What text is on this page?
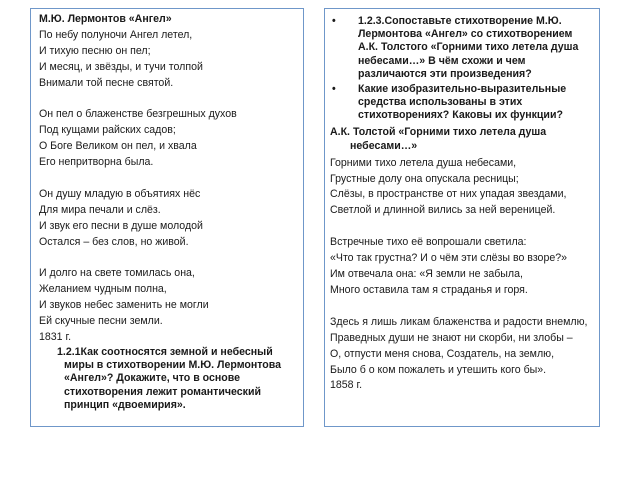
М.Ю. Лермонтов «Ангел»
По небу полуночи Ангел летел,
И тихую песню он пел;
И месяц, и звёзды, и тучи толпой
Внимали той песне святой.
Он пел о блаженстве безгрешных духов
Под кущами райских садов;
О Боге Великом он пел, и хвала
Его непритворна была.
Он душу младую в объятиях нёс
Для мира печали и слёз.
И звук его песни в душе молодой
Остался – без слов, но живой.
И долго на свете томилась она,
Желанием чудным полна,
И звуков небес заменить не могли
Ей скучные песни земли.
1831 г.
1.2.1Как соотносятся земной и небесный миры в стихотворении М.Ю. Лермонтова «Ангел»? Докажите, что в основе стихотворения лежит романтический принцип «двоемирия».
•	1.2.3.Сопоставьте стихотворение М.Ю. Лермонтова «Ангел» со стихотворением А.К. Толстого «Горними тихо летела душа небесами…» В чём схожи и чем различаются эти произведения?
•	Какие изобразительно-выразительные средства использованы в этих стихотворениях? Каковы их функции?
А.К. Толстой «Горними тихо летела душа небесами…»
Горними тихо летела душа небесами,
Грустные долу она опускала ресницы;
Слёзы, в пространстве от них упадая звездами,
Светлой и длинной вились за ней вереницей.
Встречные тихо её вопрошали светила:
«Что так грустна? И о чём эти слёзы во взоре?»
Им отвечала она: «Я земли не забыла,
Много оставила там я страданья и горя.
Здесь я лишь ликам блаженства и радости внемлю,
Праведных души не знают ни скорби, ни злобы –
О, отпусти меня снова, Создатель, на землю,
Было б о ком пожалеть и утешить кого бы».
1858 г.
